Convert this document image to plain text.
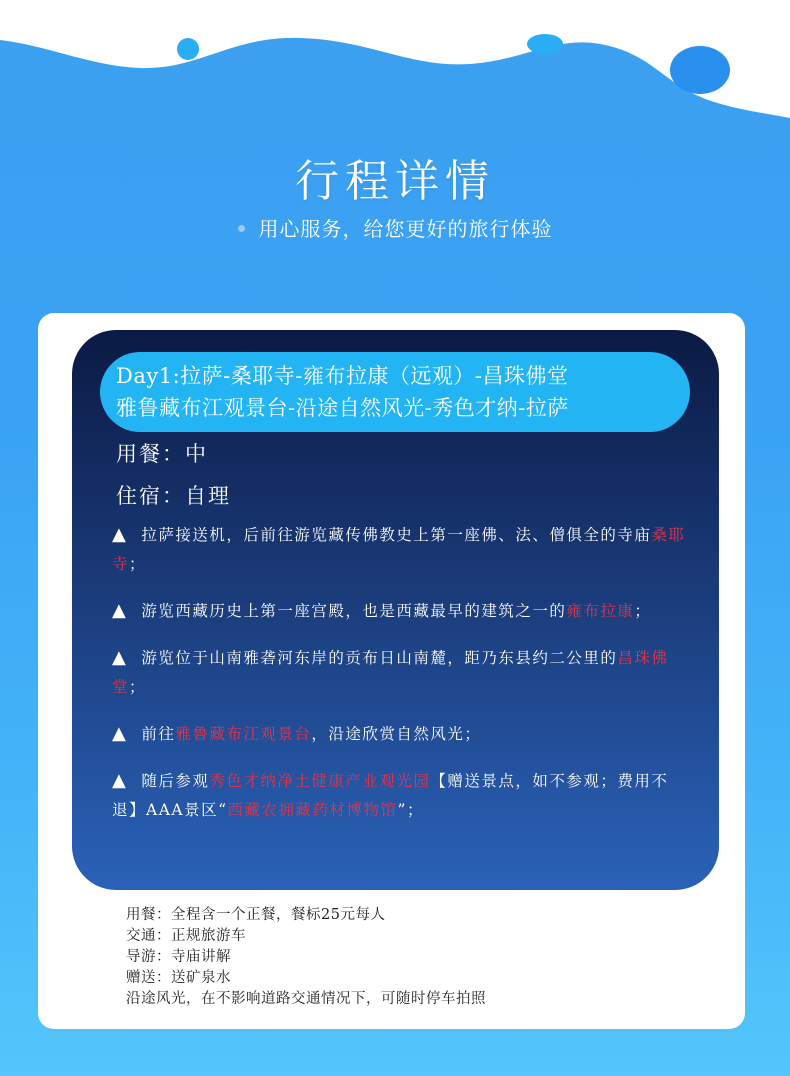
行程详情
用心服务，给您更好的旅行体验
Day1:拉萨-桑耶寺-雍布拉康（远观）-昌珠佛堂
雅鲁藏布江观景台-沿途自然风光-秀色才纳-拉萨
用餐：中
住宿：自理
▲ 拉萨接送机，后前往游览藏传佛教史上第一座佛、法、僧俱全的寺庙桑耶寺；
▲ 游览西藏历史上第一座宫殿，也是西藏最早的建筑之一的雍布拉康；
▲ 游览位于山南雅砻河东岸的贡布日山南麓，距乃东县约二公里的昌珠佛堂；
▲ 前往雅鲁藏布江观景台，沿途欣赏自然风光；
▲ 随后参观秀色才纳净土健康产业观光园【赠送景点，如不参观；费用不退】AAA景区“西藏农拥藏药材博物馆”；
用餐：全程含一个正餐，餐标25元每人
交通：正规旅游车
导游：寺庙讲解
赠送：送矿泉水
沿途风光，在不影响道路交通情况下，可随时停车拍照
